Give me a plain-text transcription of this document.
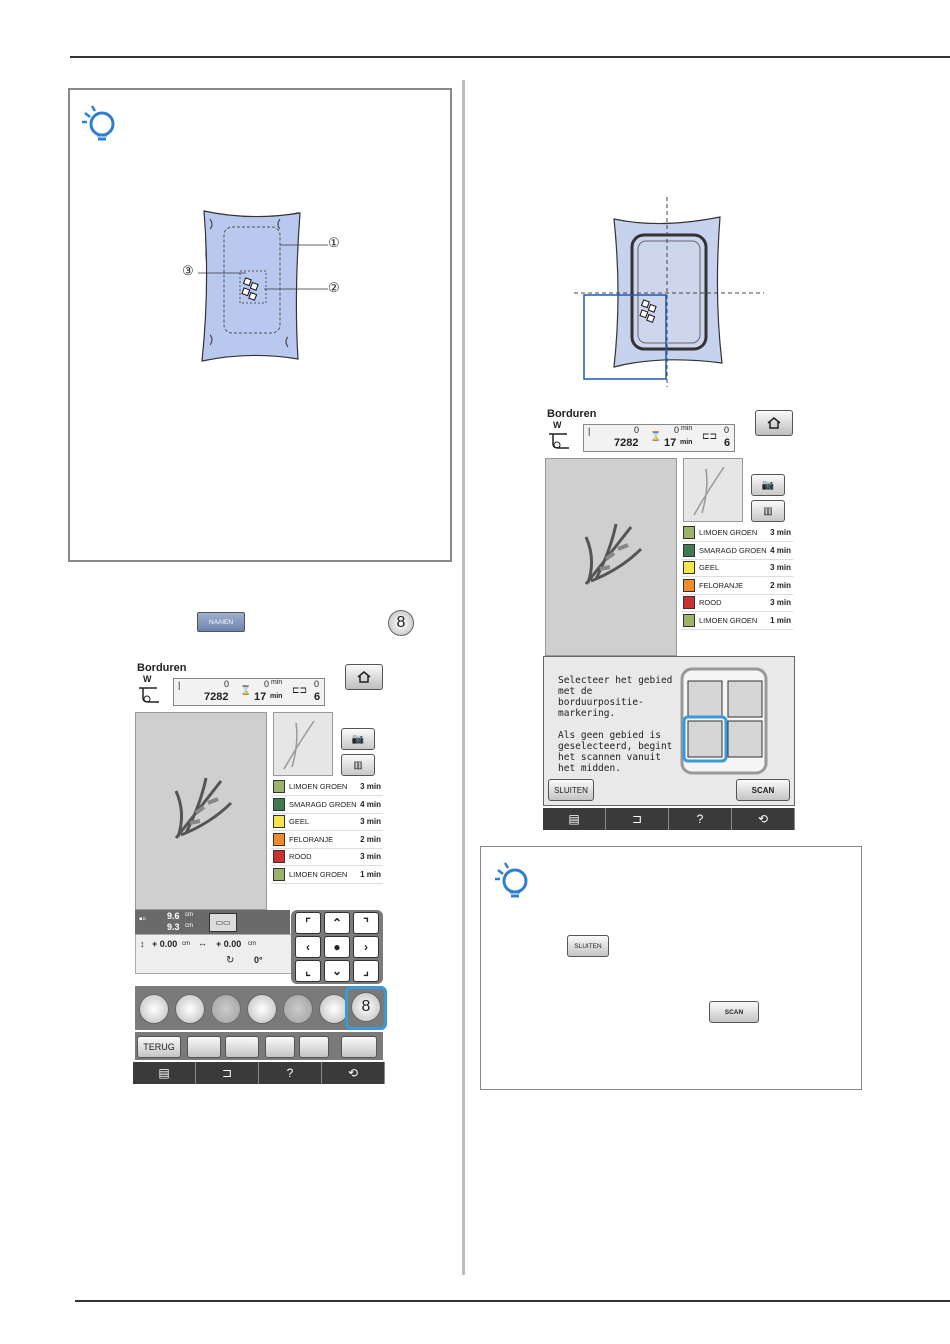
①
②
③
NAAIEN	8
Borduren
W
|	0
7282
⌛
0 min
17 min
⊏⊐
0
6
📷
▥
LIMOEN GROEN 3 min
SMARAGD GROEN 4 min
GEEL	3 min
FELORANJE	2 min
ROOD	3 min
LIMOEN GROEN 1 min
▪▫ 9.6 cm
9.3 cm	▭▭
↕ + 0.00 cm ↔ + 0.00 cm
↻ 0°
⌜	⌃	⌝
‹	●	›
⌞	⌄	⌟
8
TERUG
▤	⊐	?	⟲
Borduren
W
|	0
7282
⌛
0 min
17 min
⊏⊐
0
6
📷
▥
LIMOEN GROEN 3 min
SMARAGD GROEN 4 min
GEEL	3 min
FELORANJE	2 min
ROOD	3 min
LIMOEN GROEN 1 min
Selecteer het gebied
met de
borduurpositie-
markering.

Als geen gebied is
geselecteerd, begint
het scannen vanuit
het midden.
SLUITEN	SCAN
▤	⊐	?	⟲
SLUITEN
SCAN
